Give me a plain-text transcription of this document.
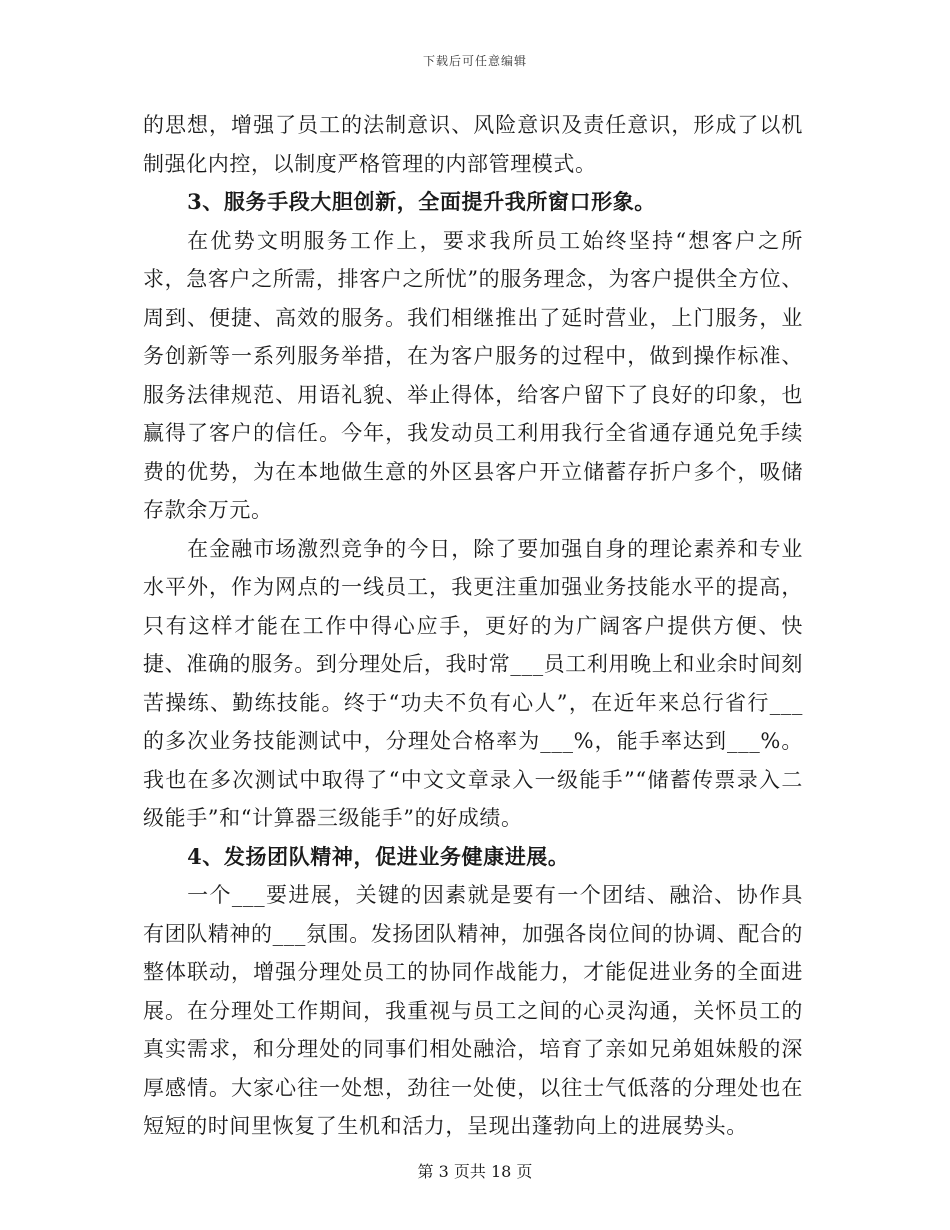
下载后可任意编辑

的思想，增强了员工的法制意识、风险意识及责任意识，形成了以机制强化内控，以制度严格管理的内部管理模式。

3、服务手段大胆创新，全面提升我所窗口形象。

在优势文明服务工作上，要求我所员工始终坚持“想客户之所求，急客户之所需，排客户之所忧”的服务理念，为客户提供全方位、周到、便捷、高效的服务。我们相继推出了延时营业，上门服务，业务创新等一系列服务举措，在为客户服务的过程中，做到操作标准、服务法律规范、用语礼貌、举止得体，给客户留下了良好的印象，也赢得了客户的信任。今年，我发动员工利用我行全省通存通兑免手续费的优势，为在本地做生意的外区县客户开立储蓄存折户多个，吸储存款余万元。

在金融市场激烈竞争的今日，除了要加强自身的理论素养和专业水平外，作为网点的一线员工，我更注重加强业务技能水平的提高，只有这样才能在工作中得心应手，更好的为广阔客户提供方便、快捷、准确的服务。到分理处后，我时常___员工利用晚上和业余时间刻苦操练、勤练技能。终于“功夫不负有心人”，在近年来总行省行___的多次业务技能测试中，分理处合格率为___%，能手率达到___%。我也在多次测试中取得了“中文文章录入一级能手”“储蓄传票录入二级能手”和“计算器三级能手”的好成绩。

4、发扬团队精神，促进业务健康进展。

一个___要进展，关键的因素就是要有一个团结、融洽、协作具有团队精神的___氛围。发扬团队精神，加强各岗位间的协调、配合的整体联动，增强分理处员工的协同作战能力，才能促进业务的全面进展。在分理处工作期间，我重视与员工之间的心灵沟通，关怀员工的真实需求，和分理处的同事们相处融洽，培育了亲如兄弟姐妹般的深厚感情。大家心往一处想，劲往一处使，以往士气低落的分理处也在短短的时间里恢复了生机和活力，呈现出蓬勃向上的进展势头。

第 3 页共 18 页
